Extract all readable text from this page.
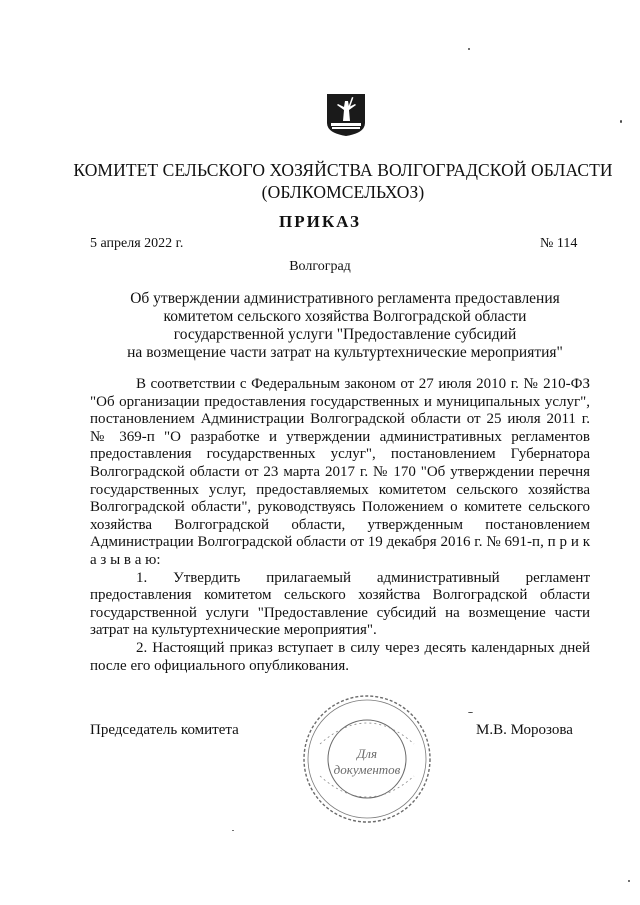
КОМИТЕТ СЕЛЬСКОГО ХОЗЯЙСТВА ВОЛГОГРАДСКОЙ ОБЛАСТИ
(ОБЛКОМСЕЛЬХОЗ)
ПРИКАЗ
5 апреля 2022 г.	№ 114
Волгоград
Об утверждении административного регламента предоставления
комитетом сельского хозяйства Волгоградской области
государственной услуги "Предоставление субсидий
на возмещение части затрат на культуртехнические мероприятия"

В соответствии с Федеральным законом от 27 июля 2010 г. № 210-ФЗ "Об организации предоставления государственных и муниципальных услуг", постановлением Администрации Волгоградской области от 25 июля 2011 г. № 369-п "О разработке и утверждении административных регламентов предоставления государственных услуг", постановлением Губернатора Волгоградской области от 23 марта 2017 г. № 170 "Об утверждении перечня государственных услуг, предоставляемых комитетом сельского хозяйства Волгоградской области", руководствуясь Положением о комитете сельского хозяйства Волгоградской области, утвержденным постановлением Администрации Волгоградской области от 19 декабря 2016 г. № 691-п, п р и к а з ы в а ю:

1. Утвердить прилагаемый административный регламент предоставления комитетом сельского хозяйства Волгоградской области государственной услуги "Предоставление субсидий на возмещение части затрат на культуртехнические мероприятия".

2. Настоящий приказ вступает в силу через десять календарных дней после его официального опубликования.

Председатель комитета	М.В. Морозова
Для
документов
